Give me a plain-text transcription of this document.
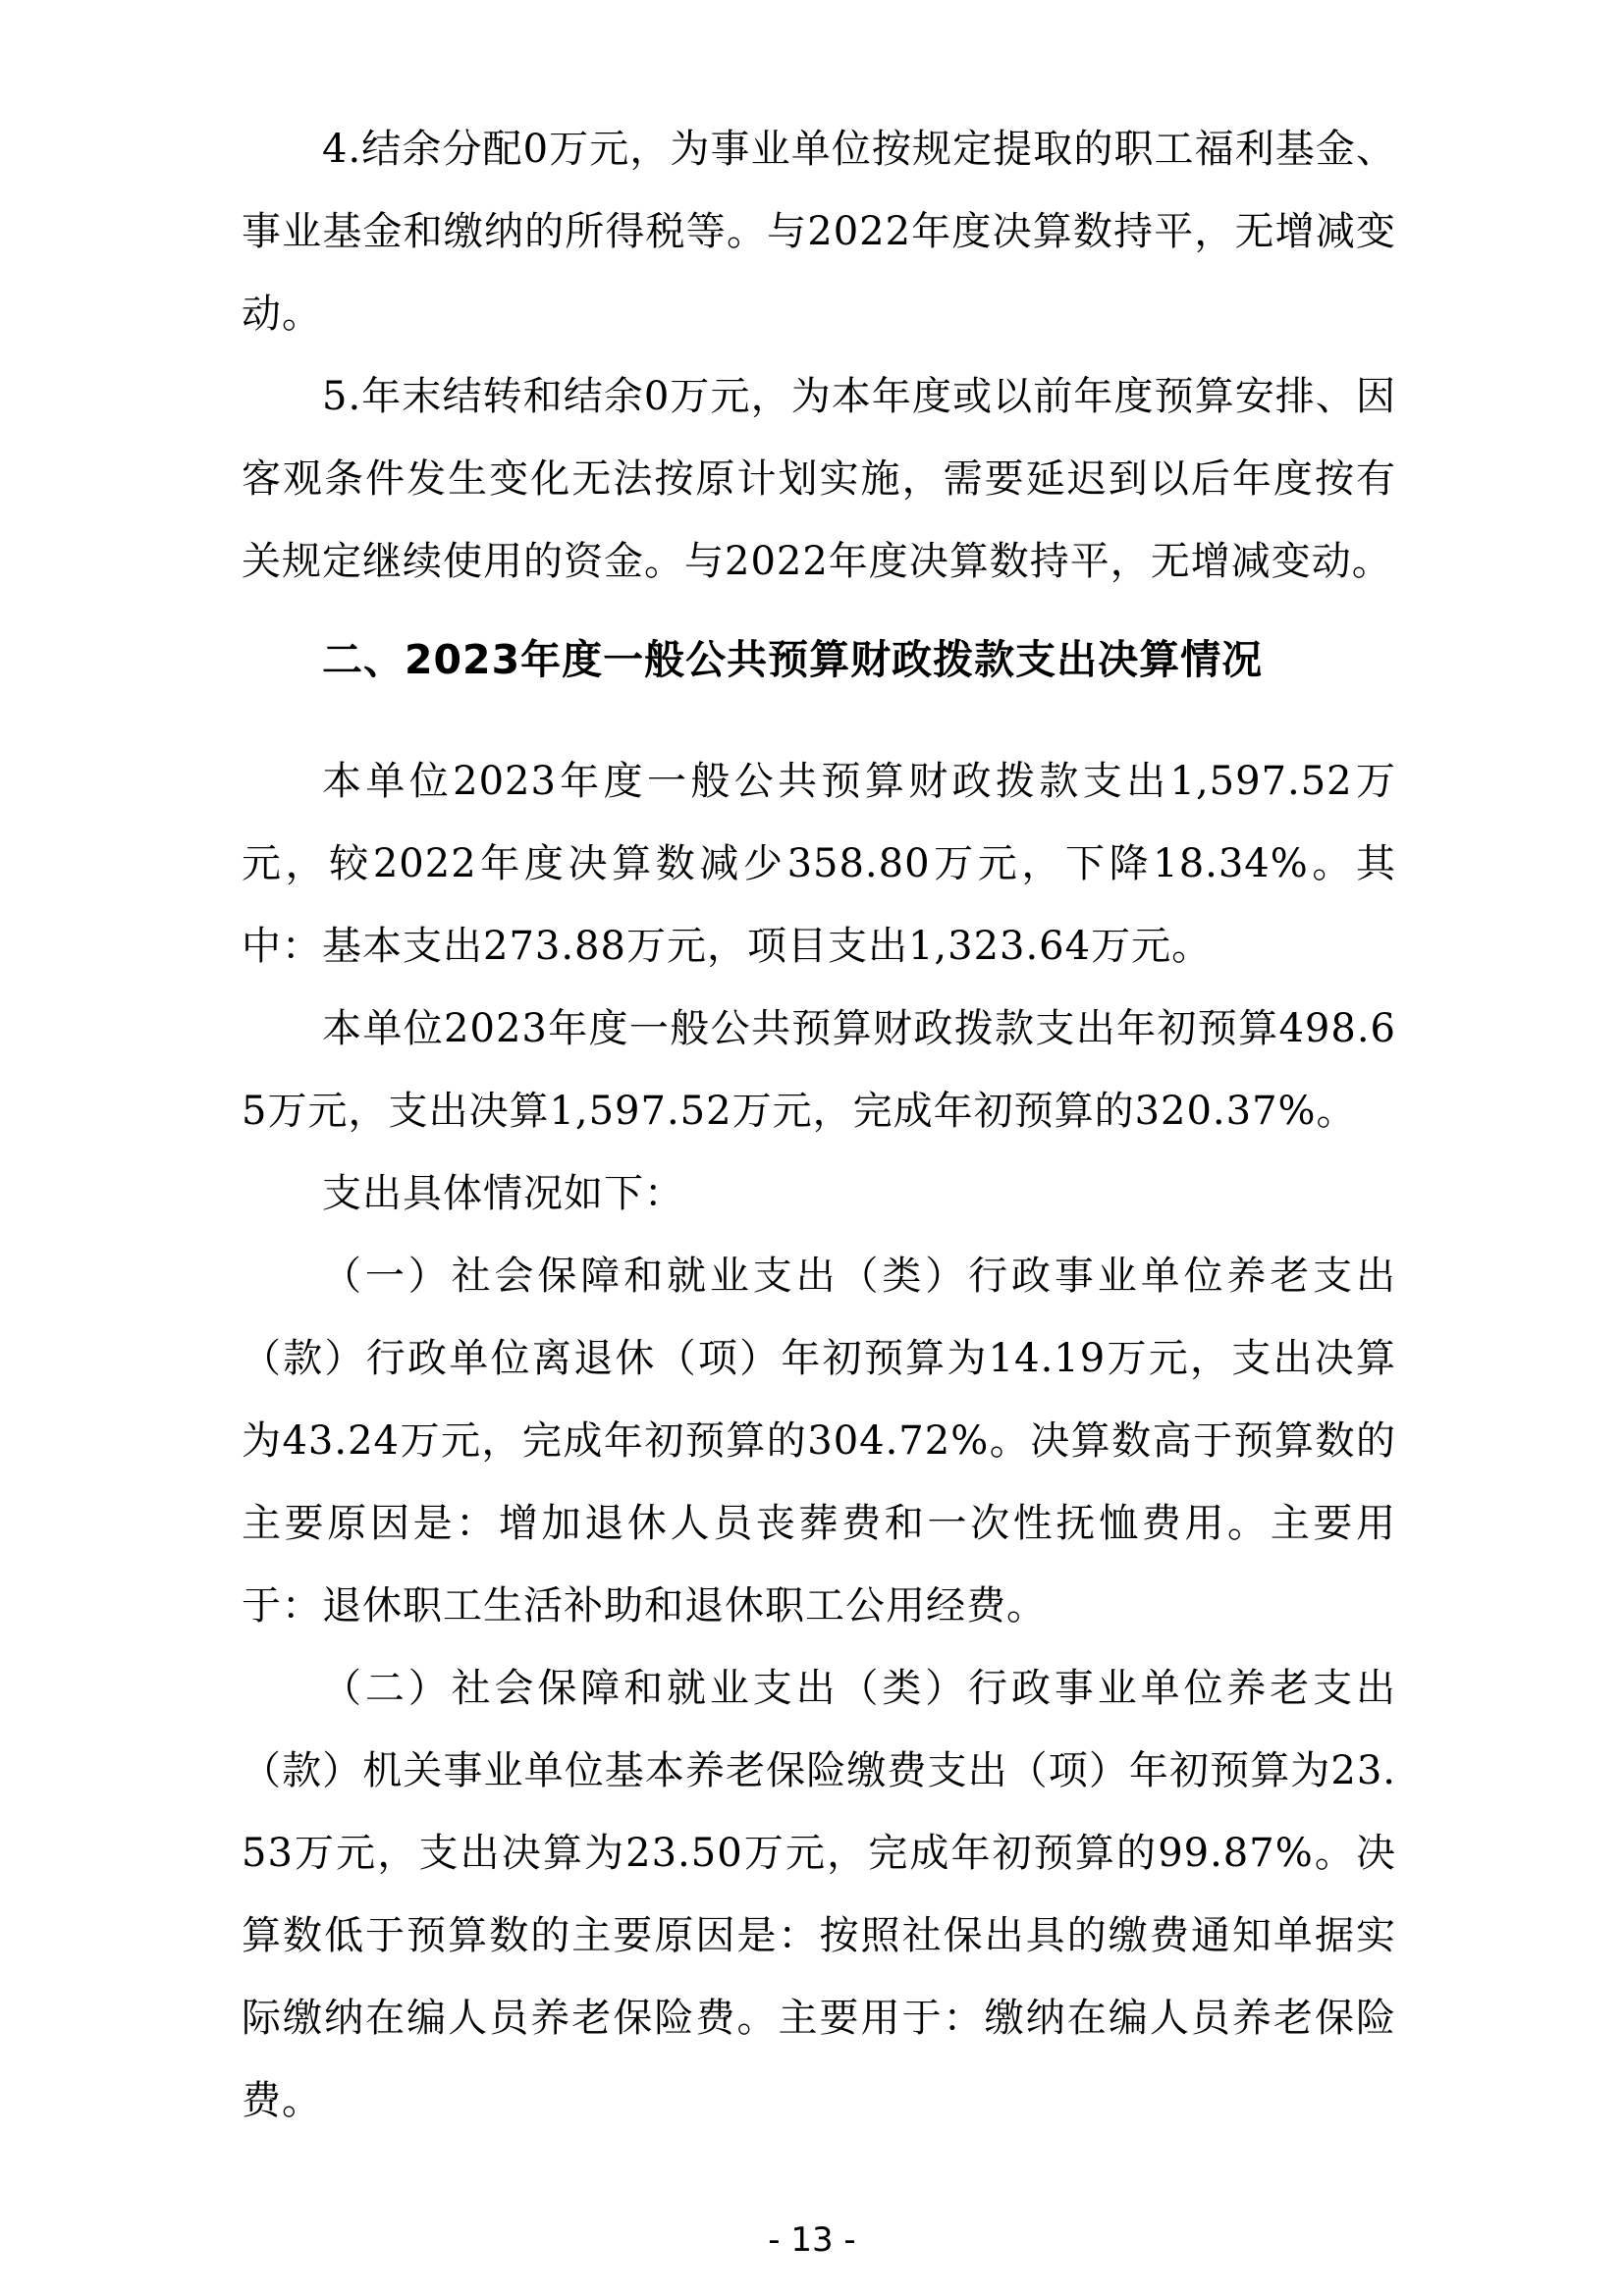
4.结余分配0万元，为事业单位按规定提取的职工福利基金、事业基金和缴纳的所得税等。与2022年度决算数持平，无增减变动。

5.年末结转和结余0万元，为本年度或以前年度预算安排、因客观条件发生变化无法按原计划实施，需要延迟到以后年度按有关规定继续使用的资金。与2022年度决算数持平，无增减变动。

二、2023年度一般公共预算财政拨款支出决算情况

本单位2023年度一般公共预算财政拨款支出1,597.52万元，较2022年度决算数减少358.80万元，下降18.34%。其中：基本支出273.88万元，项目支出1,323.64万元。

本单位2023年度一般公共预算财政拨款支出年初预算498.65万元，支出决算1,597.52万元，完成年初预算的320.37%。

支出具体情况如下：

（一）社会保障和就业支出（类）行政事业单位养老支出（款）行政单位离退休（项）年初预算为14.19万元，支出决算为43.24万元，完成年初预算的304.72%。决算数高于预算数的主要原因是：增加退休人员丧葬费和一次性抚恤费用。主要用于：退休职工生活补助和退休职工公用经费。

（二）社会保障和就业支出（类）行政事业单位养老支出（款）机关事业单位基本养老保险缴费支出（项）年初预算为23.53万元，支出决算为23.50万元，完成年初预算的99.87%。决算数低于预算数的主要原因是：按照社保出具的缴费通知单据实际缴纳在编人员养老保险费。主要用于：缴纳在编人员养老保险费。

- 13 -
